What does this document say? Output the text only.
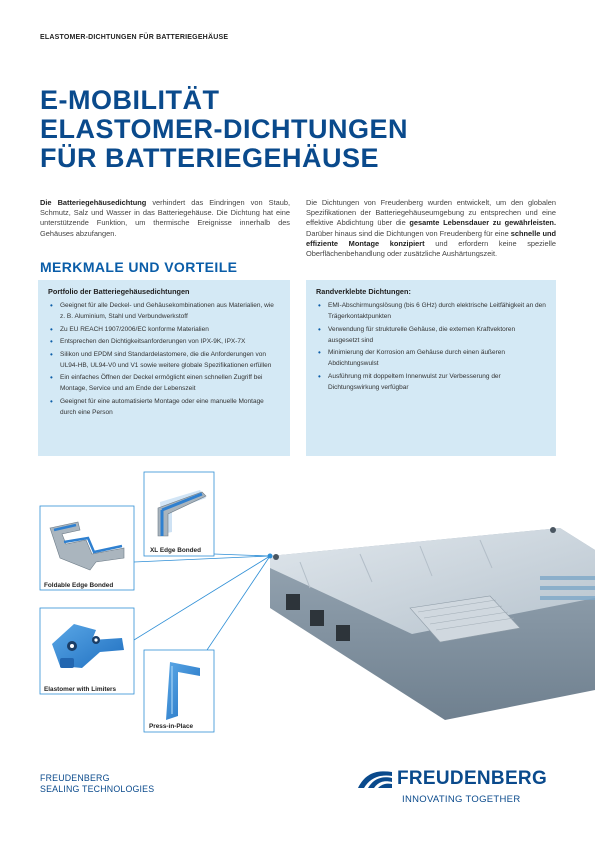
ELASTOMER-DICHTUNGEN FÜR BATTERIEGEHÄUSE
E-MOBILITÄT
ELASTOMER-DICHTUNGEN
FÜR BATTERIEGEHÄUSE
Die Batteriegehäusedichtung verhindert das Eindringen von Staub, Schmutz, Salz und Wasser in das Batteriegehäuse. Die Dichtung hat eine unterstützende Funktion, um thermische Ereignisse innerhalb des Gehäuses abzufangen.
Die Dichtungen von Freudenberg wurden entwickelt, um den globalen Spezifikationen der Batteriegehäuseumgebung zu entsprechen und eine effektive Abdichtung über die gesamte Lebensdauer zu gewährleisten. Darüber hinaus sind die Dichtungen von Freudenberg für eine schnelle und effiziente Montage konzipiert und erfordern keine spezielle Oberflächenbehandlung oder zusätzliche Aushärtungszeit.
MERKMALE UND VORTEILE
Portfolio der Batteriegehäusedichtungen
• Geeignet für alle Deckel- und Gehäusekombinationen aus Materialien, wie z. B. Aluminium, Stahl und Verbundwerkstoff
• Zu EU REACH 1907/2006/EC konforme Materialien
• Entsprechen den Dichtigkeitsanforderungen von IPX-9K, IPX-7X
• Silikon und EPDM sind Standardelastomere, die die Anforderungen von UL94-HB, UL94-V0 und V1 sowie weitere globale Spezifikationen erfüllen
• Ein einfaches Öffnen der Deckel ermöglicht einen schnellen Zugriff bei Montage, Service und am Ende der Lebenszeit
• Geeignet für eine automatisierte Montage oder eine manuelle Montage durch eine Person
Randverklebte Dichtungen:
• EMI-Abschirmungslösung (bis 6 GHz) durch elektrische Leitfähigkeit an den Trägerkontaktpunkten
• Verwendung für strukturelle Gehäuse, die externen Kraftvektoren ausgesetzt sind
• Minimierung der Korrosion am Gehäuse durch einen äußeren Abdichtungswulst
• Ausführung mit doppeltem Innenwulst zur Verbesserung der Dichtungswirkung verfügbar
XL Edge Bonded
Foldable Edge Bonded
Elastomer with Limiters
Press-in-Place
FREUDENBERG
SEALING TECHNOLOGIES	FREUDENBERG
INNOVATING TOGETHER
